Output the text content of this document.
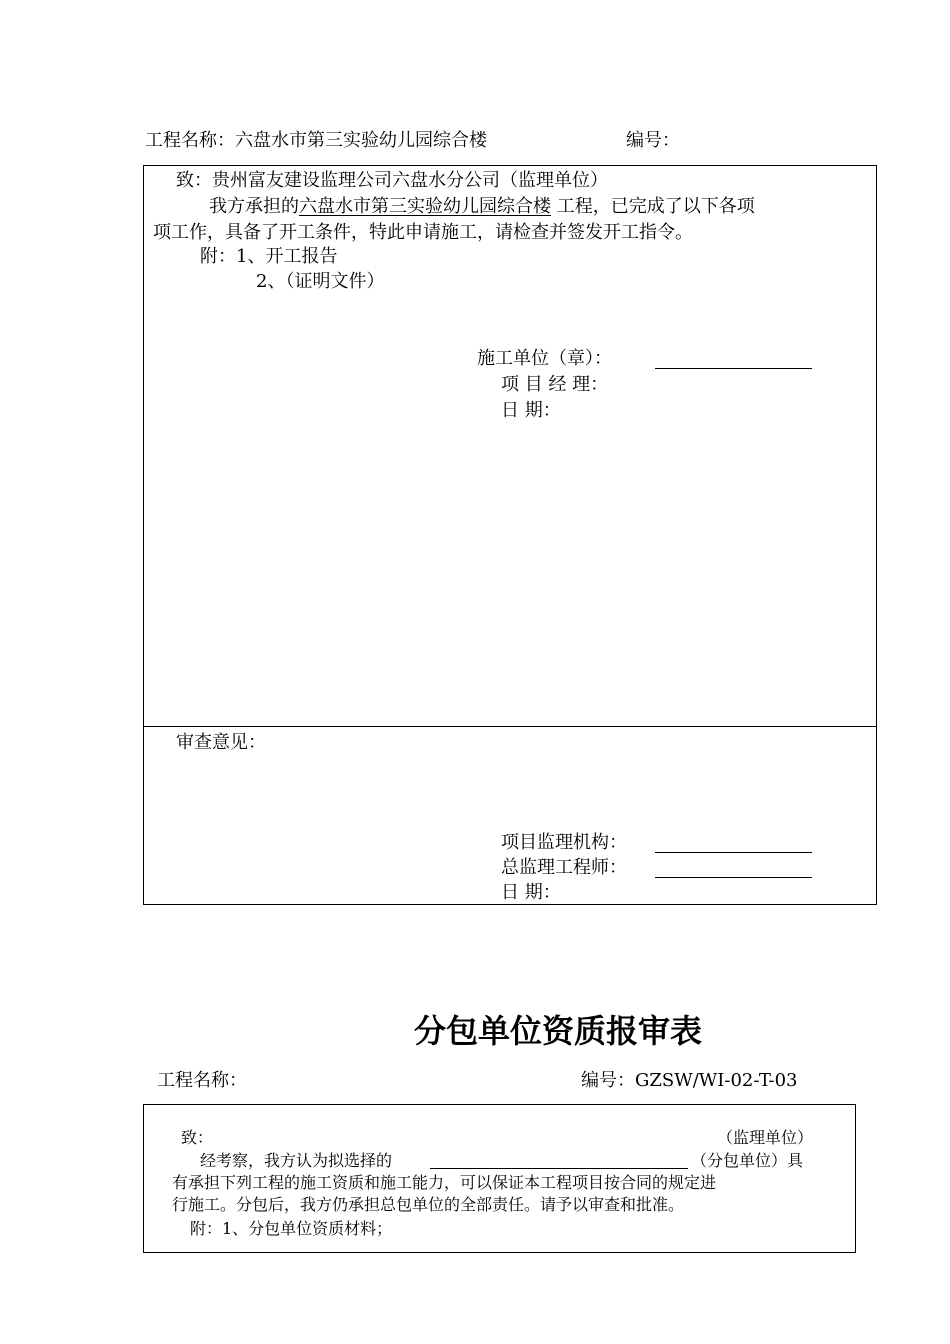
工程名称：六盘水市第三实验幼儿园综合楼	编号：
致：贵州富友建设监理公司六盘水分公司（监理单位）
我方承担的六盘水市第三实验幼儿园综合楼 工程，已完成了以下各项
项工作，具备了开工条件，特此申请施工，请检查并签发开工指令。
附：1、开工报告
2、（证明文件）
施工单位（章）：
项 目 经 理：
日 期：
审查意见：
项目监理机构：
总监理工程师：
日 期：
分包单位资质报审表
工程名称：	编号：GZSW/WI-02-T-03
致：	（监理单位）
经考察，我方认为拟选择的	（分包单位）具
有承担下列工程的施工资质和施工能力，可以保证本工程项目按合同的规定进
行施工。分包后，我方仍承担总包单位的全部责任。请予以审查和批准。
附：1、分包单位资质材料；
